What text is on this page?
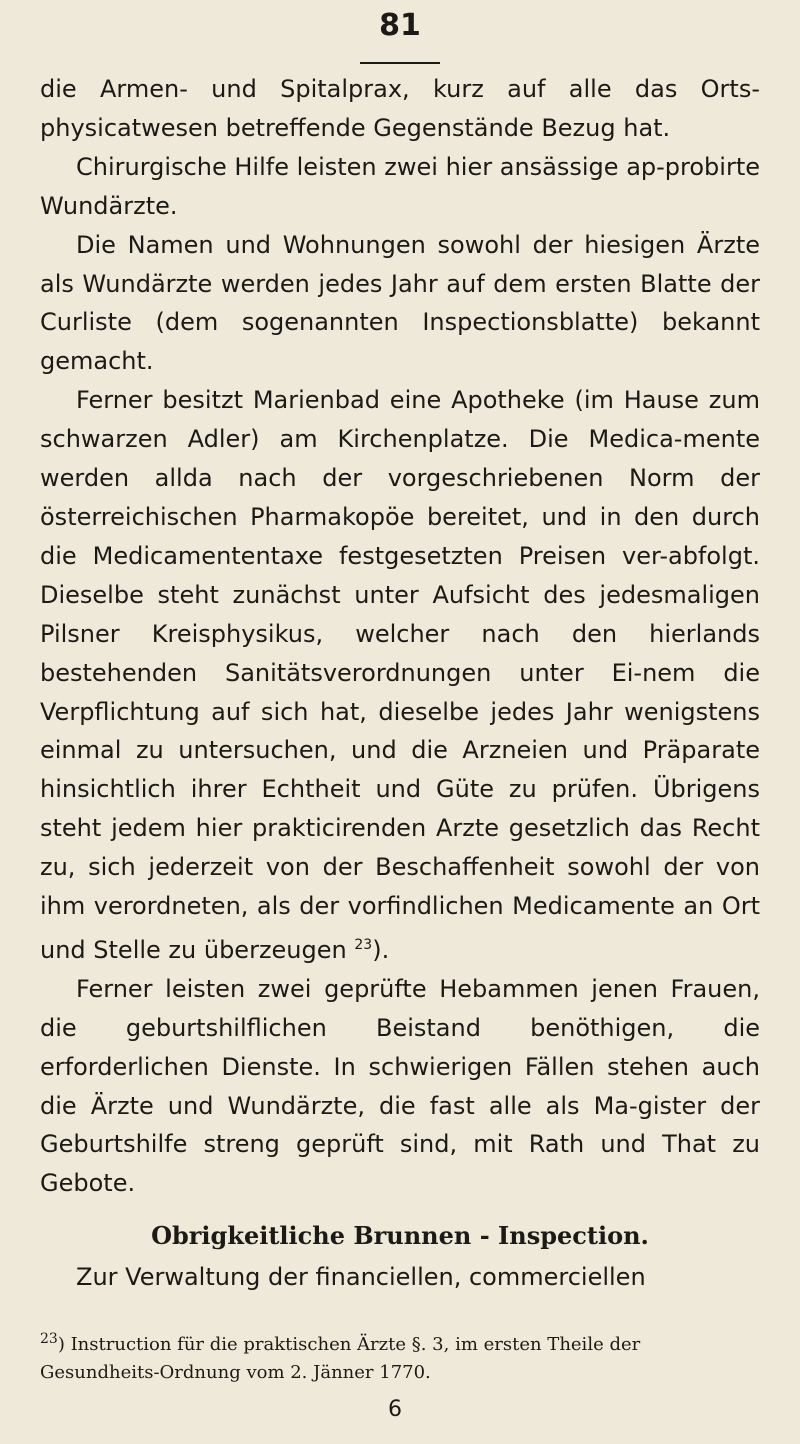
81

die Armen- und Spitalprax, kurz auf alle das Orts-physicatwesen betreffende Gegenstände Bezug hat.

Chirurgische Hilfe leisten zwei hier ansässige ap-probirte Wundärzte.

Die Namen und Wohnungen sowohl der hiesigen Ärzte als Wundärzte werden jedes Jahr auf dem ersten Blatte der Curliste (dem sogenannten Inspectionsblatte) bekannt gemacht.

Ferner besitzt Marienbad eine Apotheke (im Hause zum schwarzen Adler) am Kirchenplatze. Die Medica-mente werden allda nach der vorgeschriebenen Norm der österreichischen Pharmakopöe bereitet, und in den durch die Medicamententaxe festgesetzten Preisen ver-abfolgt. Dieselbe steht zunächst unter Aufsicht des jedesmaligen Pilsner Kreisphysikus, welcher nach den hierlands bestehenden Sanitätsverordnungen unter Ei-nem die Verpflichtung auf sich hat, dieselbe jedes Jahr wenigstens einmal zu untersuchen, und die Arzneien und Präparate hinsichtlich ihrer Echtheit und Güte zu prüfen. Übrigens steht jedem hier prakticirenden Arzte gesetzlich das Recht zu, sich jederzeit von der Beschaffenheit sowohl der von ihm verordneten, als der vorfindlichen Medicamente an Ort und Stelle zu überzeugen $^{23}$).

Ferner leisten zwei geprüfte Hebammen jenen Frauen, die geburtshilflichen Beistand benöthigen, die erforderlichen Dienste. In schwierigen Fällen stehen auch die Ärzte und Wundärzte, die fast alle als Ma-gister der Geburtshilfe streng geprüft sind, mit Rath und That zu Gebote.

Obrigkeitliche Brunnen - Inspection.

Zur Verwaltung der financiellen, commerciellen

$^{23}$) Instruction für die praktischen Ärzte §. 3, im ersten Theile der Gesundheits-Ordnung vom 2. Jänner 1770.

6
